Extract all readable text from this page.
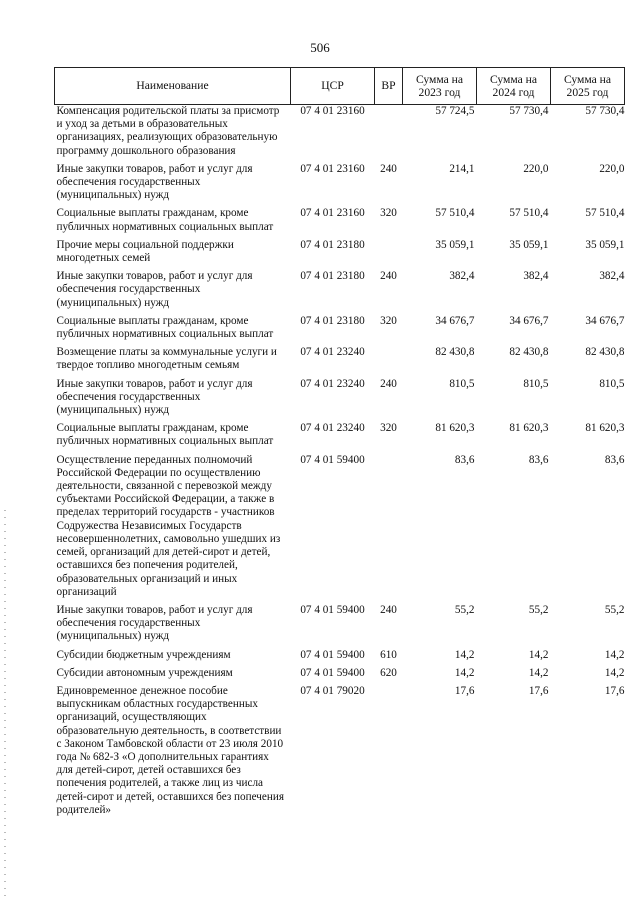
506
Наименование	ЦСР	ВР	Сумма на 2023 год	Сумма на 2024 год	Сумма на 2025 год
Компенсация родительской платы за присмотр и уход за детьми в образовательных организациях, реализующих образовательную программу дошкольного образования	07 4 01 23160		57 724,5	57 730,4	57 730,4
Иные закупки товаров, работ и услуг для обеспечения государственных (муниципальных) нужд	07 4 01 23160	240	214,1	220,0	220,0
Социальные выплаты гражданам, кроме публичных нормативных социальных выплат	07 4 01 23160	320	57 510,4	57 510,4	57 510,4
Прочие меры социальной поддержки многодетных семей	07 4 01 23180		35 059,1	35 059,1	35 059,1
Иные закупки товаров, работ и услуг для обеспечения государственных (муниципальных) нужд	07 4 01 23180	240	382,4	382,4	382,4
Социальные выплаты гражданам, кроме публичных нормативных социальных выплат	07 4 01 23180	320	34 676,7	34 676,7	34 676,7
Возмещение платы за коммунальные услуги и твердое топливо многодетным семьям	07 4 01 23240		82 430,8	82 430,8	82 430,8
Иные закупки товаров, работ и услуг для обеспечения государственных (муниципальных) нужд	07 4 01 23240	240	810,5	810,5	810,5
Социальные выплаты гражданам, кроме публичных нормативных социальных выплат	07 4 01 23240	320	81 620,3	81 620,3	81 620,3
Осуществление переданных полномочий Российской Федерации по осуществлению деятельности, связанной с перевозкой между субъектами Российской Федерации, а также в пределах территорий государств - участников Содружества Независимых Государств несовершеннолетних, самовольно ушедших из семей, организаций для детей-сирот и детей, оставшихся без попечения родителей, образовательных организаций и иных организаций	07 4 01 59400		83,6	83,6	83,6
Иные закупки товаров, работ и услуг для обеспечения государственных (муниципальных) нужд	07 4 01 59400	240	55,2	55,2	55,2
Субсидии бюджетным учреждениям	07 4 01 59400	610	14,2	14,2	14,2
Субсидии автономным учреждениям	07 4 01 59400	620	14,2	14,2	14,2
Единовременное денежное пособие выпускникам областных государственных организаций, осуществляющих образовательную деятельность, в соответствии с Законом Тамбовской области от 23 июля 2010 года № 682-З «О дополнительных гарантиях для детей-сирот, детей оставшихся без попечения родителей, а также лиц из числа детей-сирот и детей, оставшихся без попечения родителей»	07 4 01 79020		17,6	17,6	17,6
